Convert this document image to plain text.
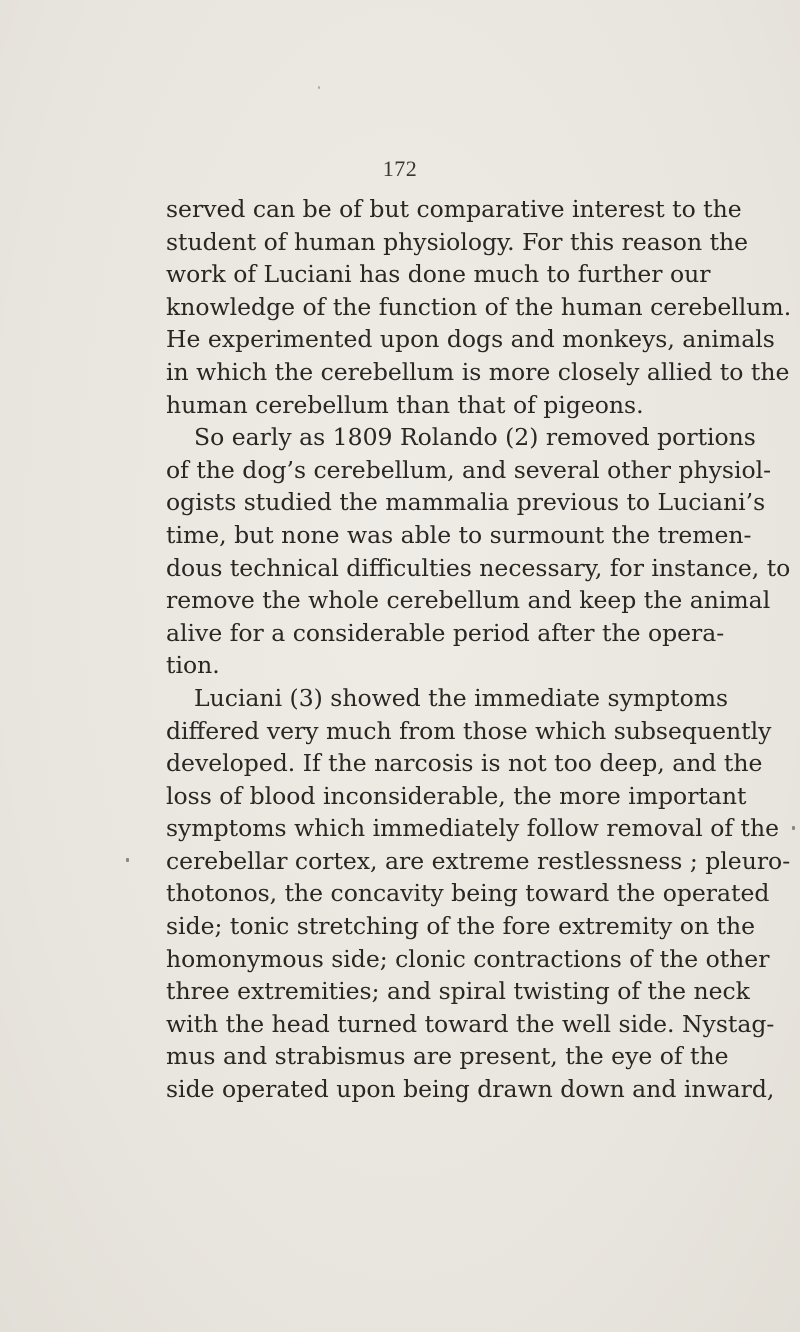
172
served can be of but comparative interest to the
student of human physiology. For this reason the
work of Luciani has done much to further our
knowledge of the function of the human cerebellum.
He experimented upon dogs and monkeys, animals
in which the cerebellum is more closely allied to the
human cerebellum than that of pigeons.
So early as 1809 Rolando (2) removed portions
of the dog’s cerebellum, and several other physiol-
ogists studied the mammalia previous to Luciani’s
time, but none was able to surmount the tremen-
dous technical difficulties necessary, for instance, to
remove the whole cerebellum and keep the animal
alive for a considerable period after the opera-
tion.
Luciani (3) showed the immediate symptoms
differed very much from those which subsequently
developed. If the narcosis is not too deep, and the
loss of blood inconsiderable, the more important
symptoms which immediately follow removal of the
cerebellar cortex, are extreme restlessness ; pleuro-
thotonos, the concavity being toward the operated
side; tonic stretching of the fore extremity on the
homonymous side; clonic contractions of the other
three extremities; and spiral twisting of the neck
with the head turned toward the well side. Nystag-
mus and strabismus are present, the eye of the
side operated upon being drawn down and inward,
